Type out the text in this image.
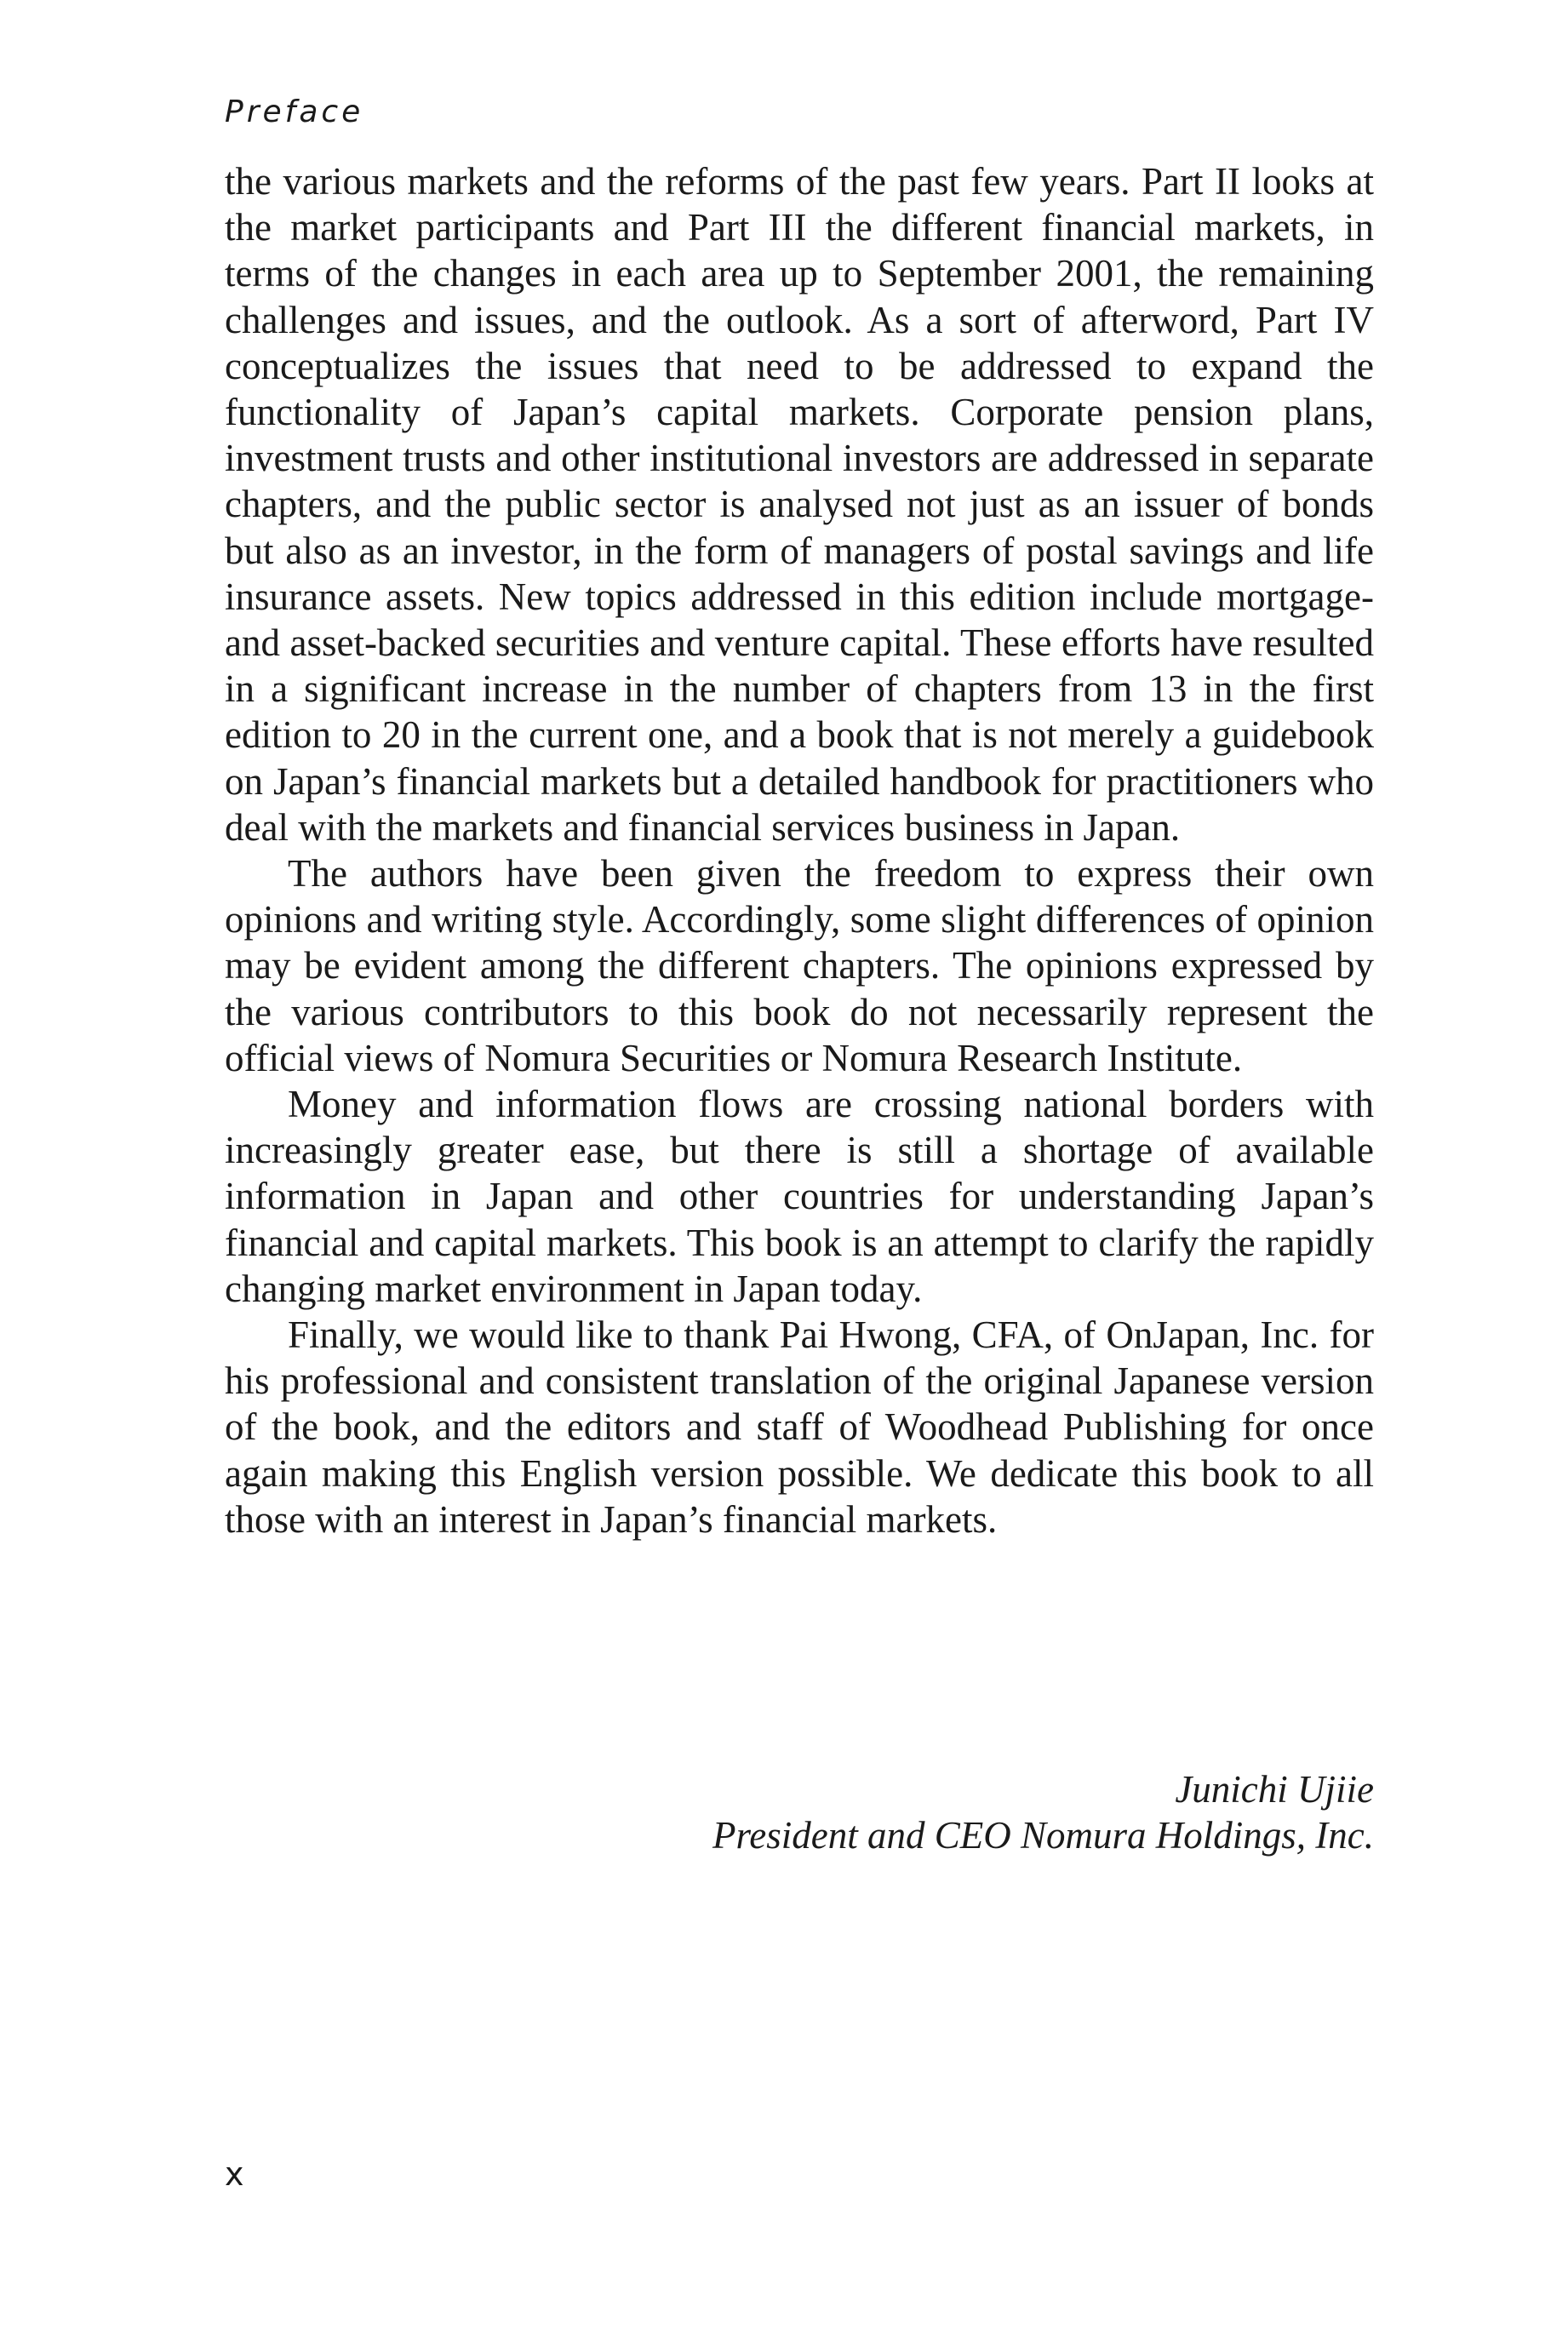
Preface

the various markets and the reforms of the past few years. Part II looks at the market participants and Part III the different financial markets, in terms of the changes in each area up to September 2001, the remaining challenges and issues, and the outlook. As a sort of afterword, Part IV conceptualizes the issues that need to be addressed to expand the functionality of Japan’s capital markets. Corporate pension plans, investment trusts and other institutional investors are addressed in separate chapters, and the public sector is analysed not just as an issuer of bonds but also as an investor, in the form of managers of postal savings and life insurance assets. New topics addressed in this edition include mortgage- and asset-backed securities and venture capital. These efforts have resulted in a significant increase in the number of chapters from 13 in the first edition to 20 in the current one, and a book that is not merely a guidebook on Japan’s financial markets but a detailed handbook for practitioners who deal with the markets and financial services business in Japan.

The authors have been given the freedom to express their own opinions and writing style. Accordingly, some slight differences of opinion may be evident among the different chapters. The opinions expressed by the various contributors to this book do not necessarily represent the official views of Nomura Securities or Nomura Research Institute.

Money and information flows are crossing national borders with increasingly greater ease, but there is still a shortage of available information in Japan and other countries for understanding Japan’s financial and capital markets. This book is an attempt to clarify the rapidly changing market environment in Japan today.

Finally, we would like to thank Pai Hwong, CFA, of OnJapan, Inc. for his professional and consistent translation of the original Japanese version of the book, and the editors and staff of Woodhead Publishing for once again making this English version possible. We dedicate this book to all those with an interest in Japan’s financial markets.

Junichi Ujiie
President and CEO Nomura Holdings, Inc.
x
